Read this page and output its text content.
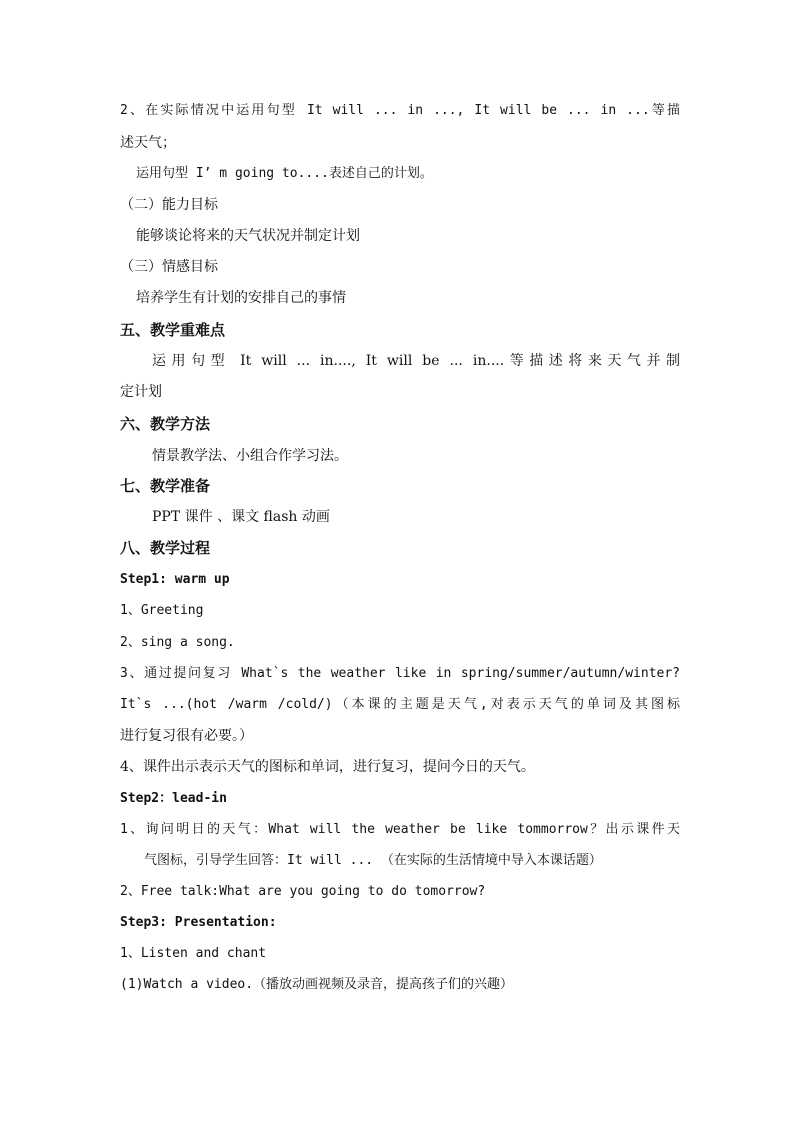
2、在实际情况中运用句型 It will ... in ..., It will be ... in ...等描
述天气；
运用句型 I’ m going to....表述自己的计划。
（二）能力目标
能够谈论将来的天气状况并制定计划
（三）情感目标
培养学生有计划的安排自己的事情
五、教学重难点
运用句型 It will ... in...., It will be ... in....等描述将来天气并制
定计划
六、教学方法
情景教学法、小组合作学习法。
七、教学准备
PPT 课件 、课文 flash 动画
八、教学过程
Step1: warm up
1、Greeting
2、sing a song.
3、通过提问复习 What`s the weather like in spring/summer/autumn/winter?
It`s ...(hot /warm /cold/)（本课的主题是天气,对表示天气的单词及其图标
进行复习很有必要。）
4、课件出示表示天气的图标和单词，进行复习，提问今日的天气。
Step2：lead-in
1、询问明日的天气：What will the weather be like tommorrow？出示课件天
气图标，引导学生回答：It will ... （在实际的生活情境中导入本课话题）
2、Free talk:What are you going to do tomorrow?
Step3: Presentation:
1、Listen and chant
(1)Watch a video.（播放动画视频及录音，提高孩子们的兴趣）
